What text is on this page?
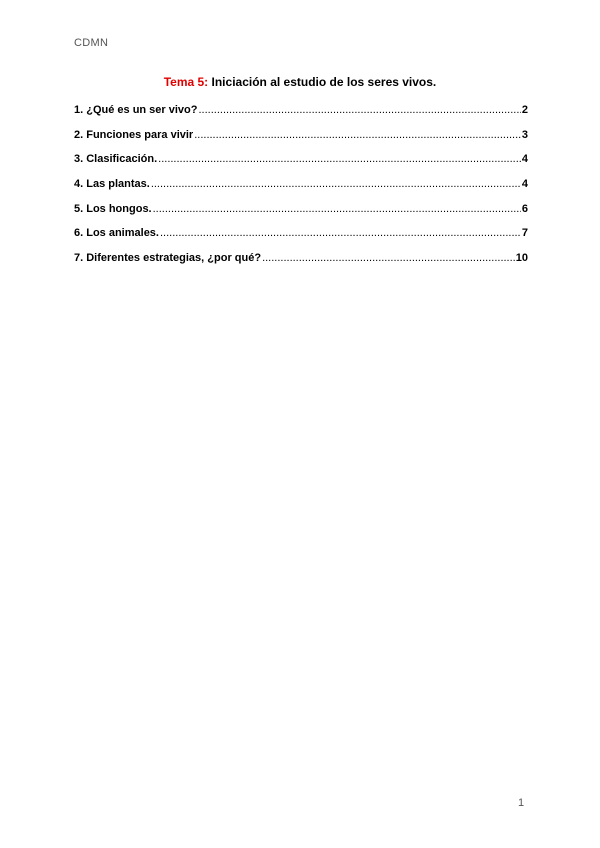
CDMN
Tema 5: Iniciación al estudio de los seres vivos.
1. ¿Qué es un ser vivo? .....	2
2. Funciones para vivir .....	3
3. Clasificación. .....	4
4. Las plantas. .....	4
5. Los hongos. .....	6
6. Los animales. .....	7
7. Diferentes estrategias, ¿por qué? .....	10
1
